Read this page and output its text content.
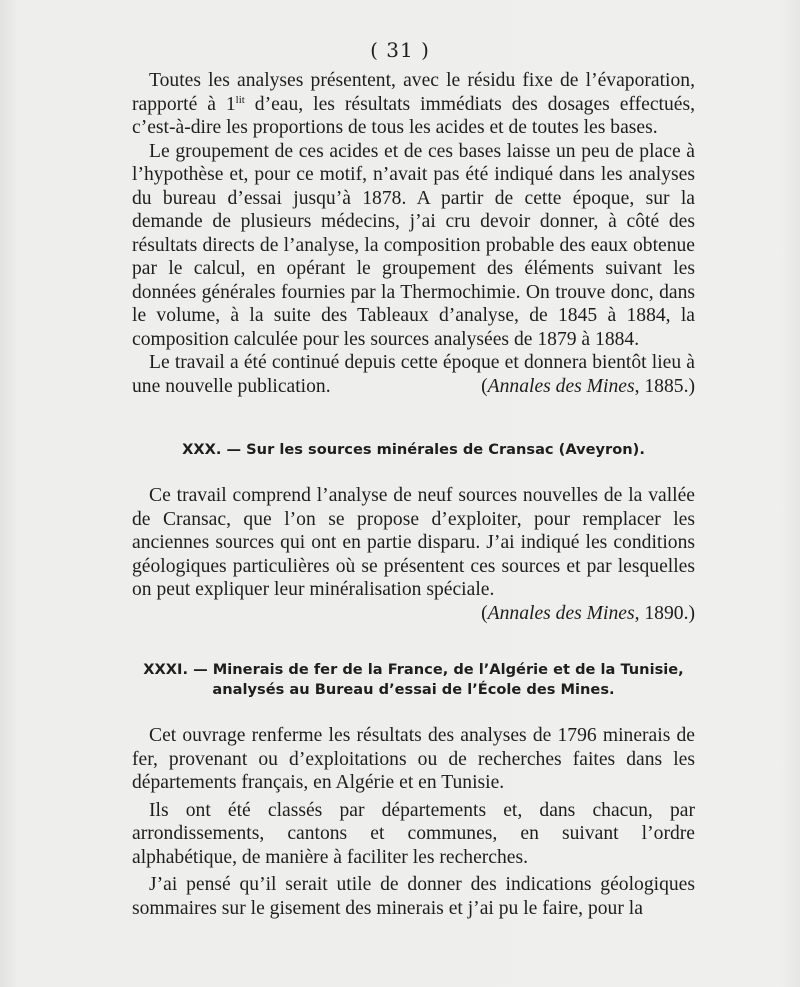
( 31 )

Toutes les analyses présentent, avec le résidu fixe de l’évaporation, rapporté à $1^{lit}$ d’eau, les résultats immédiats des dosages effectués, c’est-à-dire les proportions de tous les acides et de toutes les bases.

Le groupement de ces acides et de ces bases laisse un peu de place à l’hypothèse et, pour ce motif, n’avait pas été indiqué dans les analyses du bureau d’essai jusqu’à 1878. A partir de cette époque, sur la demande de plusieurs médecins, j’ai cru devoir donner, à côté des résultats directs de l’analyse, la composition probable des eaux obtenue par le calcul, en opérant le groupement des éléments suivant les données générales fournies par la Thermochimie. On trouve donc, dans le volume, à la suite des Tableaux d’analyse, de 1845 à 1884, la composition calculée pour les sources analysées de 1879 à 1884.

Le travail a été continué depuis cette époque et donnera bientôt lieu à une nouvelle publication.	(Annales des Mines, 1885.)
XXX. — Sur les sources minérales de Cransac (Aveyron).

Ce travail comprend l’analyse de neuf sources nouvelles de la vallée de Cransac, que l’on se propose d’exploiter, pour remplacer les anciennes sources qui ont en partie disparu. J’ai indiqué les conditions géologiques particulières où se présentent ces sources et par lesquelles on peut expliquer leur minéralisation spéciale.

(Annales des Mines, 1890.)
XXXI. — Minerais de fer de la France, de l’Algérie et de la Tunisie,
analysés au Bureau d’essai de l’École des Mines.

Cet ouvrage renferme les résultats des analyses de 1796 minerais de fer, provenant ou d’exploitations ou de recherches faites dans les départements français, en Algérie et en Tunisie.

Ils ont été classés par départements et, dans chacun, par arrondissements, cantons et communes, en suivant l’ordre alphabétique, de manière à faciliter les recherches.

J’ai pensé qu’il serait utile de donner des indications géologiques sommaires sur le gisement des minerais et j’ai pu le faire, pour la
